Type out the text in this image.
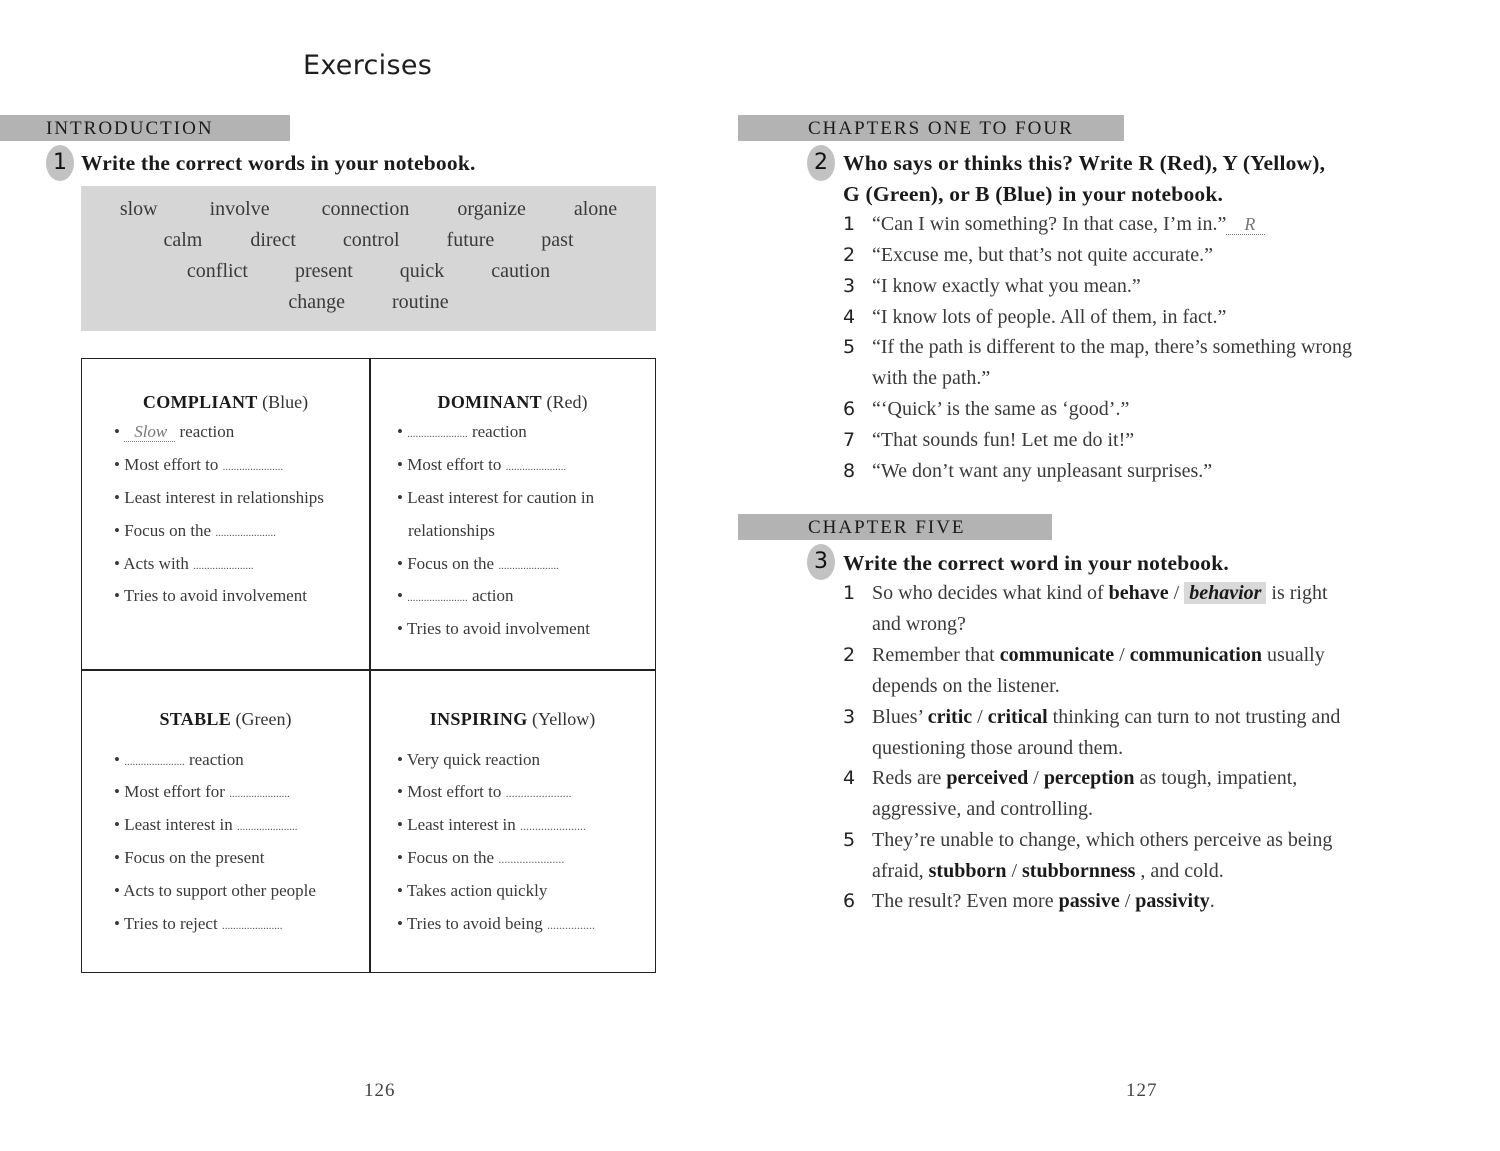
Exercises
INTRODUCTION
1 Write the correct words in your notebook.
slow	involve	connection organize alone
calm direct control future past
conflict present quick caution
change routine
COMPLIANT (Blue)
• Slow reaction
• Most effort to ......................
• Least interest in relationships
• Focus on the ......................
• Acts with ......................
• Tries to avoid involvement
DOMINANT (Red)
• ...................... reaction
• Most effort to ......................
• Least interest for caution in
relationships
• Focus on the ......................
• ...................... action
• Tries to avoid involvement
STABLE (Green)
• ...................... reaction
• Most effort for ......................
• Least interest in ......................
• Focus on the present
• Acts to support other people
• Tries to reject ......................
INSPIRING (Yellow)
• Very quick reaction
• Most effort to ......................
• Least interest in ......................
• Focus on the ......................
• Takes action quickly
• Tries to avoid being ................
126
CHAPTERS ONE TO FOUR
2 Who says or thinks this? Write R (Red), Y (Yellow),
G (Green), or B (Blue) in your notebook.
1 “Can I win something? In that case, I’m in.” R
2 “Excuse me, but that’s not quite accurate.”
3 “I know exactly what you mean.”
4 “I know lots of people. All of them, in fact.”
5 “If the path is different to the map, there’s something wrong
with the path.”
6 “‘Quick’ is the same as ‘good’.”
7 “That sounds fun! Let me do it!”
8 “We don’t want any unpleasant surprises.”
CHAPTER FIVE
3 Write the correct word in your notebook.
1 So who decides what kind of behave / behavior is right
and wrong?
2 Remember that communicate / communication usually
depends on the listener.
3 Blues’ critic / critical thinking can turn to not trusting and
questioning those around them.
4 Reds are perceived / perception as tough, impatient,
aggressive, and controlling.
5 They’re unable to change, which others perceive as being
afraid, stubborn / stubbornness , and cold.
6 The result? Even more passive / passivity.
127
